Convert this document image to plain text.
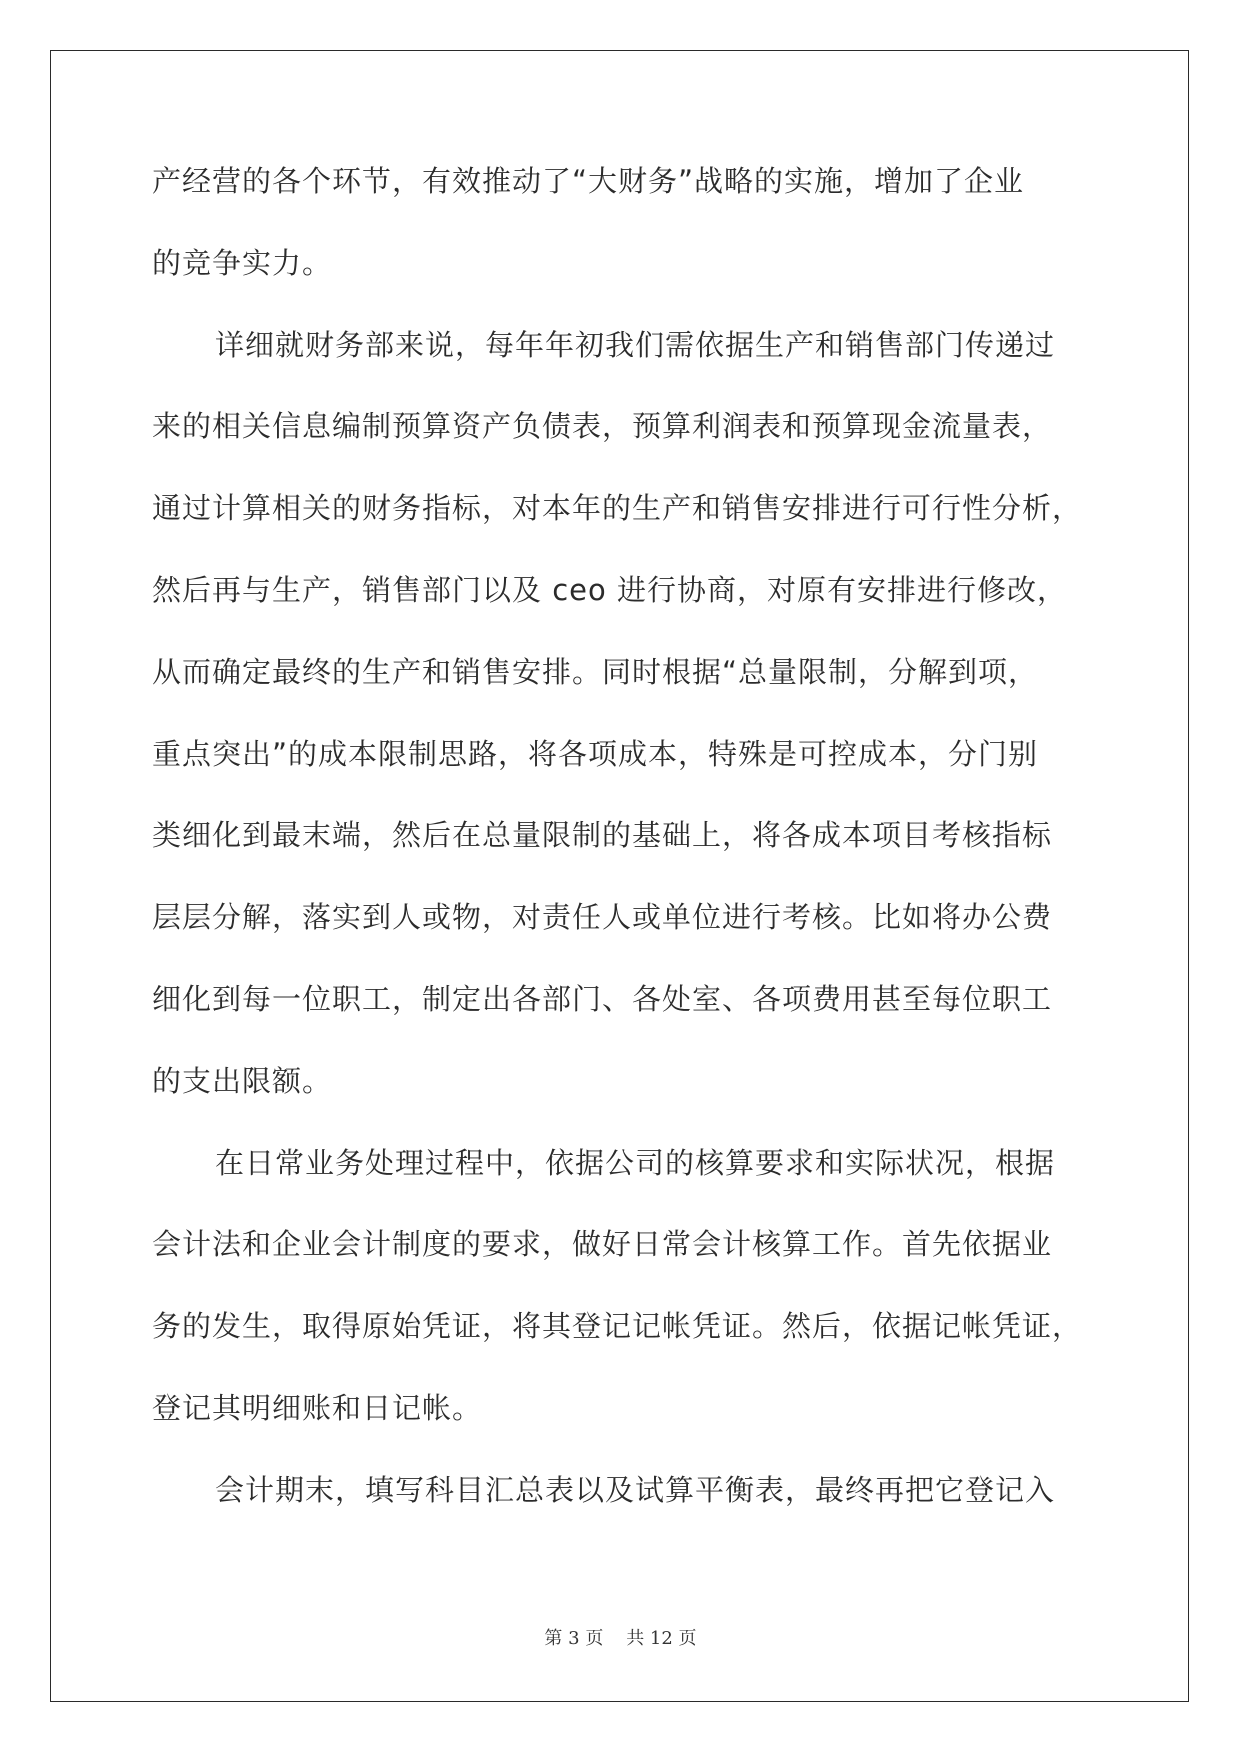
产经营的各个环节，有效推动了“大财务”战略的实施，增加了企业
的竞争实力。
详细就财务部来说，每年年初我们需依据生产和销售部门传递过
来的相关信息编制预算资产负债表，预算利润表和预算现金流量表，
通过计算相关的财务指标，对本年的生产和销售安排进行可行性分析，
然后再与生产，销售部门以及 ceo 进行协商，对原有安排进行修改，
从而确定最终的生产和销售安排。同时根据“总量限制，分解到项，
重点突出”的成本限制思路，将各项成本，特殊是可控成本，分门别
类细化到最末端，然后在总量限制的基础上，将各成本项目考核指标
层层分解，落实到人或物，对责任人或单位进行考核。比如将办公费
细化到每一位职工，制定出各部门、各处室、各项费用甚至每位职工
的支出限额。
在日常业务处理过程中，依据公司的核算要求和实际状况，根据
会计法和企业会计制度的要求，做好日常会计核算工作。首先依据业
务的发生，取得原始凭证，将其登记记帐凭证。然后，依据记帐凭证，
登记其明细账和日记帐。
会计期末，填写科目汇总表以及试算平衡表，最终再把它登记入
第 3 页    共 12 页
